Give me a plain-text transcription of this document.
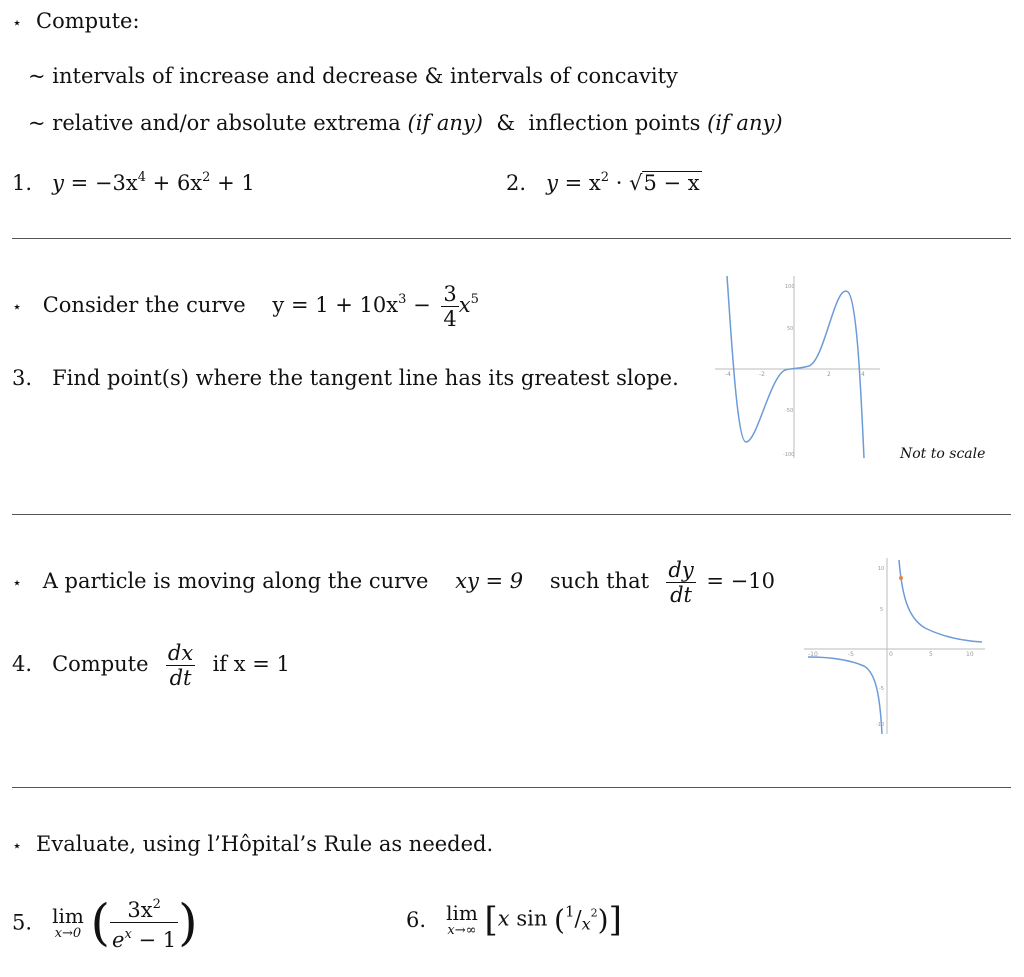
⋆ Compute:
~ intervals of increase and decrease & intervals of concavity
~ relative and/or absolute extrema (if any) & inflection points (if any)
1. $y = -3x^4 + 6x^2 + 1$	2. $y = x^2 \cdot √5 - x$
⋆ Consider the curve $y = 1 + 10x^3 - \frac{3}{4} x^5$
3. Find point(s) where the tangent line has its greatest slope.	-4	-2	2	4
100
50
-50
-100	Not to scale
⋆ A particle is moving along the curve xy = 9 such that $\frac{dy}{dt} = -10$
4. Compute $\frac{dx}{dt}$ if x = 1	-10	-5	0	5	10
10
5
-5
-10
⋆ Evaluate, using l’Hôpital’s Rule as needed.
5. lim
x→0 ( $\frac{3x^2}{e^x - 1}$ )	6. lim
x→∞ [x $\sin (^1/x^2)$]
